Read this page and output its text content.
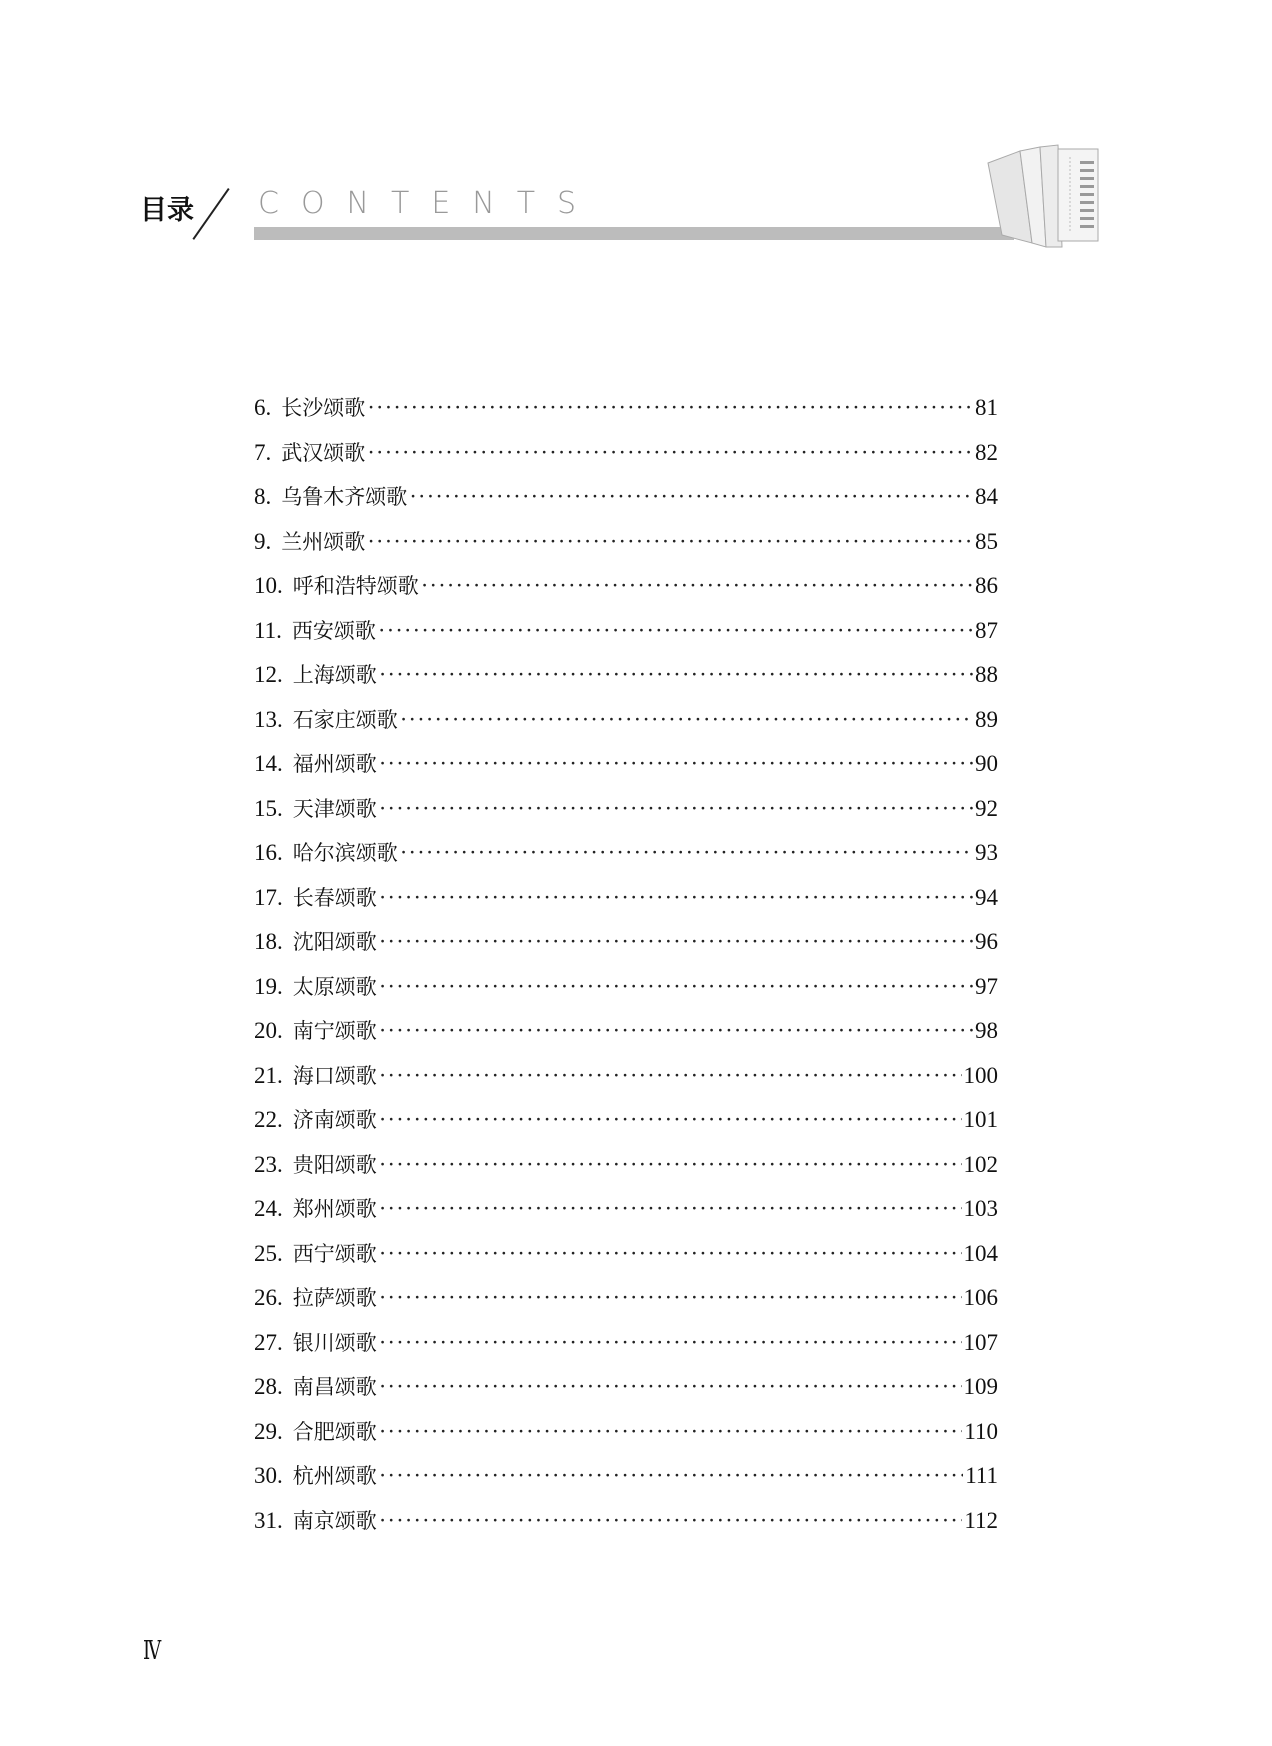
目录 CONTENTS
6. 长沙颂歌 ·····	81
7. 武汉颂歌 ·····	82
8. 乌鲁木齐颂歌 ·····	84
9. 兰州颂歌 ·····	85
10. 呼和浩特颂歌 ·····	86
11. 西安颂歌 ·····	87
12. 上海颂歌 ·····	88
13. 石家庄颂歌 ·····	89
14. 福州颂歌 ·····	90
15. 天津颂歌 ·····	92
16. 哈尔滨颂歌 ·····	93
17. 长春颂歌 ·····	94
18. 沈阳颂歌 ·····	96
19. 太原颂歌 ·····	97
20. 南宁颂歌 ·····	98
21. 海口颂歌 ·····	100
22. 济南颂歌 ·····	101
23. 贵阳颂歌 ·····	102
24. 郑州颂歌 ·····	103
25. 西宁颂歌 ·····	104
26. 拉萨颂歌 ·····	106
27. 银川颂歌 ·····	107
28. 南昌颂歌 ·····	109
29. 合肥颂歌 ·····	110
30. 杭州颂歌 ·····	111
31. 南京颂歌 ·····	112
Ⅳ
